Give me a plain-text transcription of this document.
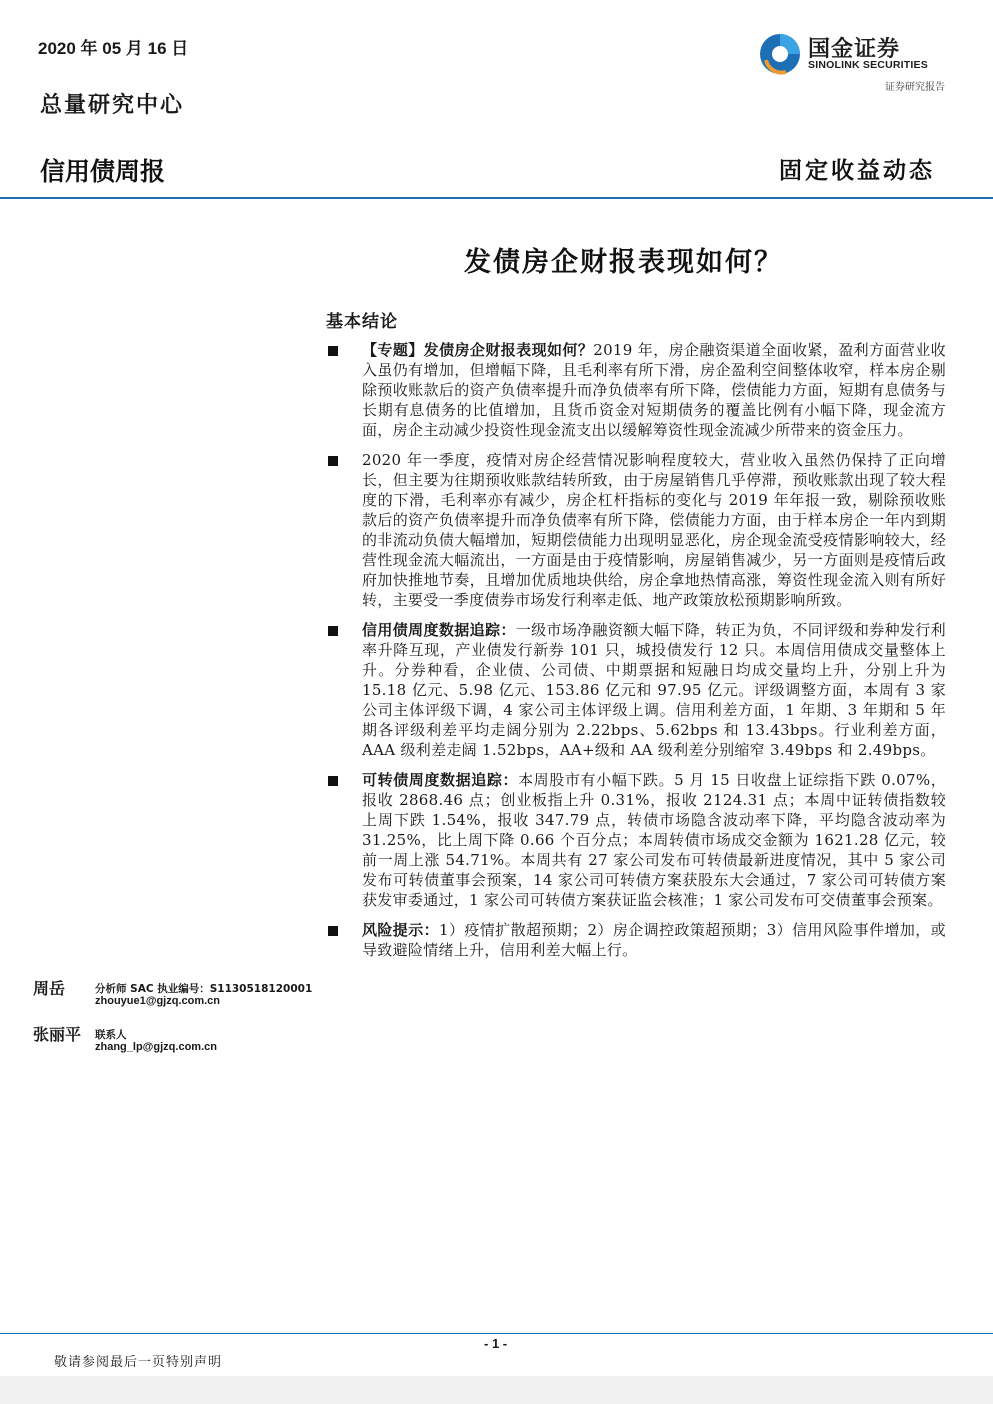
2020 年 05 月 16 日
总量研究中心
国金证券
SINOLINK SECURITIES
证券研究报告
信用债周报	固定收益动态
发债房企财报表现如何？
基本结论
【专题】发债房企财报表现如何？2019 年，房企融资渠道全面收紧，盈利方面营业收入虽仍有增加，但增幅下降，且毛利率有所下滑，房企盈利空间整体收窄，样本房企剔除预收账款后的资产负债率提升而净负债率有所下降，偿债能力方面，短期有息债务与长期有息债务的比值增加，且货币资金对短期债务的覆盖比例有小幅下降，现金流方面，房企主动减少投资性现金流支出以缓解筹资性现金流减少所带来的资金压力。
2020 年一季度，疫情对房企经营情况影响程度较大，营业收入虽然仍保持了正向增长，但主要为往期预收账款结转所致，由于房屋销售几乎停滞，预收账款出现了较大程度的下滑，毛利率亦有减少，房企杠杆指标的变化与 2019 年年报一致，剔除预收账款后的资产负债率提升而净负债率有所下降，偿债能力方面，由于样本房企一年内到期的非流动负债大幅增加，短期偿债能力出现明显恶化，房企现金流受疫情影响较大，经营性现金流大幅流出，一方面是由于疫情影响，房屋销售减少，另一方面则是疫情后政府加快推地节奏，且增加优质地块供给，房企拿地热情高涨，筹资性现金流入则有所好转，主要受一季度债券市场发行利率走低、地产政策放松预期影响所致。
信用债周度数据追踪：一级市场净融资额大幅下降，转正为负，不同评级和券种发行利率升降互现，产业债发行新券 101 只，城投债发行 12 只。本周信用债成交量整体上升。分券种看，企业债、公司债、中期票据和短融日均成交量均上升，分别上升为 15.18 亿元、5.98 亿元、153.86 亿元和 97.95 亿元。评级调整方面，本周有 3 家公司主体评级下调，4 家公司主体评级上调。信用利差方面，1 年期、3 年期和 5 年期各评级利差平均走阔分别为 2.22bps、5.62bps 和 13.43bps。行业利差方面，AAA 级利差走阔 1.52bps，AA+级和 AA 级利差分别缩窄 3.49bps 和 2.49bps。
可转债周度数据追踪：本周股市有小幅下跌。5 月 15 日收盘上证综指下跌 0.07%，报收 2868.46 点；创业板指上升 0.31%，报收 2124.31 点；本周中证转债指数较上周下跌 1.54%，报收 347.79 点，转债市场隐含波动率下降，平均隐含波动率为 31.25%，比上周下降 0.66 个百分点；本周转债市场成交金额为 1621.28 亿元，较前一周上涨 54.71%。本周共有 27 家公司发布可转债最新进度情况，其中 5 家公司发布可转债董事会预案，14 家公司可转债方案获股东大会通过，7 家公司可转债方案获发审委通过，1 家公司可转债方案获证监会核准；1 家公司发布可交债董事会预案。
风险提示：1）疫情扩散超预期；2）房企调控政策超预期；3）信用风险事件增加，或导致避险情绪上升，信用利差大幅上行。
周岳	分析师 SAC 执业编号：S1130518120001
zhouyue1@gjzq.com.cn
张丽平 联系人
zhang_lp@gjzq.com.cn
- 1 -
敬请参阅最后一页特别声明
